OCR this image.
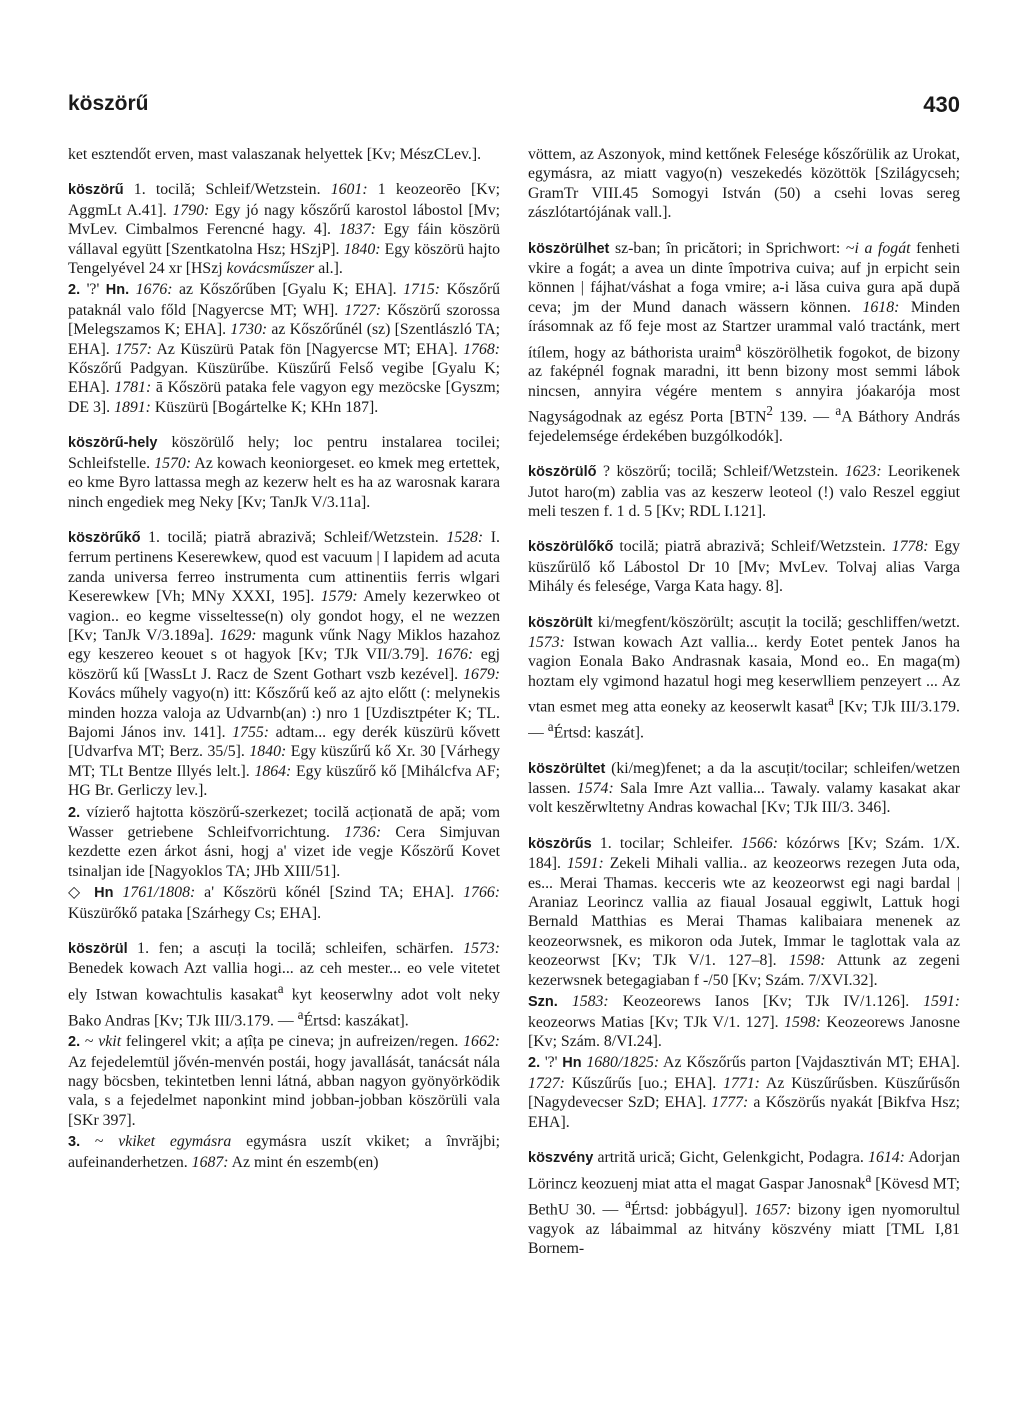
köszörű	430

ket esztendőt erven, mast valaszanak helyettek [Kv; MészCLev.].

köszörű 1. tocilă; Schleif/Wetzstein. 1601: 1 keozeorēo [Kv; AggmLt A.41]. 1790: Egy jó nagy kőszőrű karostol lábostol [Mv; MvLev. Cimbalmos Ferencné hagy. 4]. 1837: Egy fáin köszörü vállaval együtt [Szentkatolna Hsz; HSzjP]. 1840: Egy köszörü hajto Tengelyével 24 xr [HSzj kovácsműszer al.].

2. '?' Hn. 1676: az Kőszőrűben [Gyalu K; EHA]. 1715: Kőszőrű pataknál valo főld [Nagyercse MT; WH]. 1727: Kőszörű szorossa [Melegszamos K; EHA]. 1730: az Kőszőrűnél (sz) [Szentlászló TA; EHA]. 1757: Az Küszürü Patak fön [Nagyercse MT; EHA]. 1768: Kőszőrű Padgyan. Küszürűbe. Küszűrű Felső vegibe [Gyalu K; EHA]. 1781: ā Kőszörü pataka fele vagyon egy mezöcske [Gyszm; DE 3]. 1891: Küszürü [Bogártelke K; KHn 187].

köszörű-hely köszörülő hely; loc pentru instalarea tocilei; Schleifstelle. 1570: Az kowach keoniorgeset. eo kmek meg ertettek, eo kme Byro lattassa megh az kezerw helt es ha az warosnak karara ninch engediek meg Neky [Kv; TanJk V/3.11a].

köszörűkő 1. tocilă; piatră abrazivă; Schleif/Wetzstein. 1528: I. ferrum pertinens Keserewkew, quod est vacuum | I lapidem ad acuta zanda universa ferreo instrumenta cum attinentiis ferris wlgari Keserewkew [Vh; MNy XXXI, 195]. 1579: Amely kezerwkeo ot vagion.. eo kegme visseltesse(n) oly gondot hogy, el ne wezzen [Kv; TanJk V/3.189a]. 1629: magunk vűnk Nagy Miklos hazahoz egy keszereo keouet s ot hagyok [Kv; TJk VII/3.79]. 1676: egj köszörű kű [WassLt J. Racz de Szent Gothart vszb kezével]. 1679: Kovács műhely vagyo(n) itt: Kőszőrű keő az ajto előtt (: melynekis minden hozza valoja az Udvarnb(an) :) nro 1 [Uzdisztpéter K; TL. Bajomi János inv. 141]. 1755: adtam... egy derék küszürü kővett [Udvarfva MT; Berz. 35/5]. 1840: Egy küszűrű kő Xr. 30 [Várhegy MT; TLt Bentze Illyés lelt.]. 1864: Egy küszűrő kő [Mihálcfva AF; HG Br. Gerliczy lev.].

2. vízierő hajtotta köszörű-szerkezet; tocilă acționată de apă; vom Wasser getriebene Schleifvorrichtung. 1736: Cera Simjuvan kezdette ezen árkot ásni, hogj a' vizet ide vegje Kőszörű Kovet tsinaljan ide [Nagyoklos TA; JHb XIII/51].

◇ Hn 1761/1808: a' Kőszörü kőnél [Szind TA; EHA]. 1766: Küszürőkő pataka [Szárhegy Cs; EHA].

köszörül 1. fen; a ascuți la tocilă; schleifen, schärfen. 1573: Benedek kowach Azt vallia hogi... az ceh mester... eo vele vitetet ely Istwan kowachtulis kasakat$^a$ kyt keoserwlny adot volt neky Bako Andras [Kv; TJk III/3.179. — $^a$Értsd: kaszákat].

2. ~ vkit felingerel vkit; a ațîța pe cineva; jn aufreizen/regen. 1662: Az fejedelemtül jővén-menvén postái, hogy javallását, tanácsát nála nagy böcsben, tekintetben lenni látná, abban nagyon gyönyörködik vala, s a fejedelmet naponkint mind jobban-jobban köszörüli vala [SKr 397].

3. ~ vkiket egymásra egymásra uszít vkiket; a învrăjbi; aufeinanderhetzen. 1687: Az mint én eszemb(en)

vöttem, az Aszonyok, mind kettőnek Felesége kőszőrülik az Urokat, egymásra, az miatt vagyo(n) veszekedés közöttök [Szilágycseh; GramTr VIII.45 Somogyi István (50) a csehi lovas sereg zászlótartójának vall.].

köszörülhet sz-ban; în pricători; in Sprichwort: ~i a fogát fenheti vkire a fogát; a avea un dinte împotriva cuiva; auf jn erpicht sein können | fájhat/váshat a foga vmire; a-i lăsa cuiva gura apă după ceva; jm der Mund danach wässern können. 1618: Minden írásomnak az fő feje most az Startzer urammal való tractánk, mert ítílem, hogy az báthorista uraim$^a$ köszörölhetik fogokot, de bizony az faképnél fognak maradni, itt benn bizony most semmi lábok nincsen, annyira végére mentem s annyira jóakarója most Nagyságodnak az egész Porta [BTN$^2$ 139. — $^a$A Báthory András fejedelemsége érdekében buzgólkodók].

köszörülő ? köszörű; tocilă; Schleif/Wetzstein. 1623: Leorikenek Jutot haro(m) zablia vas az keszerw leoteol (!) valo Reszel eggiut meli teszen f. 1 d. 5 [Kv; RDL I.121].

köszörülőkő tocilă; piatră abrazivă; Schleif/Wetzstein. 1778: Egy küszűrülő kő Lábostol Dr 10 [Mv; MvLev. Tolvaj alias Varga Mihály és felesége, Varga Kata hagy. 8].

köszörült ki/megfent/köszörült; ascuțit la tocilă; geschliffen/wetzt. 1573: Istwan kowach Azt vallia... kerdy Eotet pentek Janos ha vagion Eonala Bako Andrasnak kasaia, Mond eo.. En maga(m) hoztam ely vgimond hazatul hogi meg keserwlliem penzeyert ... Az vtan esmet meg atta eoneky az keoserwlt kasat$^a$ [Kv; TJk III/3.179. — $^a$Értsd: kaszát].

köszörültet (ki/meg)fenet; a da la ascuțit/tocilar; schleifen/wetzen lassen. 1574: Sala Imre Azt vallia... Tawaly. valamy kasakat akar volt keszěrwltetny Andras kowachal [Kv; TJk III/3. 346].

köszörűs 1. tocilar; Schleifer. 1566: kózórws [Kv; Szám. 1/X. 184]. 1591: Zekeli Mihali vallia.. az keozeorws rezegen Juta oda, es... Merai Thamas. kecceris wte az keozeorwst egi nagi bardal | Araniaz Leorincz vallia az fiaual Josaual eggiwlt, Lattuk hogi Bernald Matthias es Merai Thamas kalibaiara menenek az keozeorwsnek, es mikoron oda Jutek, Immar le taglottak vala az keozeorwst [Kv; TJk V/1. 127–8]. 1598: Attunk az zegeni kezerwsnek betegagiaban f -/50 [Kv; Szám. 7/XVI.32].

Szn. 1583: Keozeorews Ianos [Kv; TJk IV/1.126]. 1591: keozeorws Matias [Kv; TJk V/1. 127]. 1598: Keozeorews Janosne [Kv; Szám. 8/VI.24].

2. '?' Hn 1680/1825: Az Kőszőrűs parton [Vajdasztiván MT; EHA]. 1727: Kűszűrűs [uo.; EHA]. 1771: Az Küszűrűsben. Küszűrűsőn [Nagydevecser SzD; EHA]. 1777: a Kőszörűs nyakát [Bikfva Hsz; EHA].

köszvény artrită urică; Gicht, Gelenkgicht, Podagra. 1614: Adorjan Lörincz keozuenj miat atta el magat Gaspar Janosnak$^a$ [Kövesd MT; BethU 30. — $^a$Értsd: jobbágyul]. 1657: bizony igen nyomorultul vagyok az lábaimmal az hitvány köszvény miatt [TML I,81 Bornem-
